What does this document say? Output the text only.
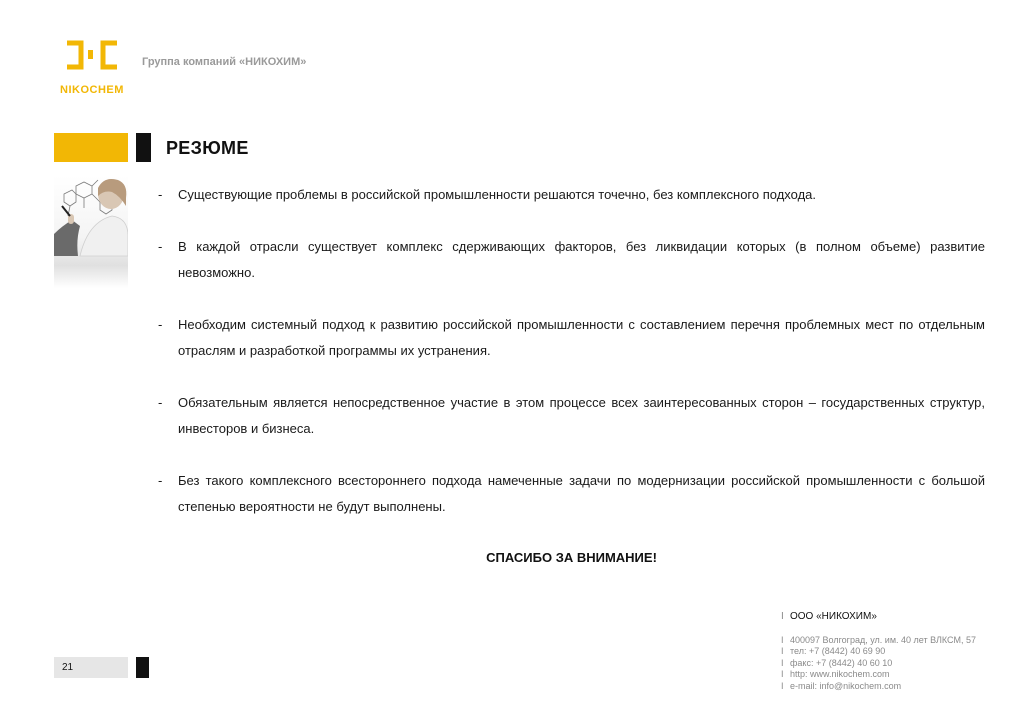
NIKOCHEM
Группа компаний «НИКОХИМ»
РЕЗЮМЕ
- Существующие проблемы в российской промышленности решаются точечно, без комплексного подхода.
- В каждой отрасли существует комплекс сдерживающих факторов, без ликвидации которых (в полном объеме) развитие невозможно.
- Необходим системный подход к развитию российской промышленности с составлением перечня проблемных мест по отдельным отраслям и разработкой программы их устранения.
- Обязательным является непосредственное участие в этом процессе всех заинтересованных сторон – государственных структур, инвесторов и бизнеса.
- Без такого комплексного всестороннего подхода намеченные задачи по модернизации российской промышленности с большой степенью вероятности не будут выполнены.
СПАСИБО ЗА ВНИМАНИЕ!
I ООО «НИКОХИМ»
I 400097 Волгоград, ул. им. 40 лет ВЛКСМ, 57
I тел: +7 (8442) 40 69 90
I факс: +7 (8442) 40 60 10
I http: www.nikochem.com
I e-mail: info@nikochem.com
21
